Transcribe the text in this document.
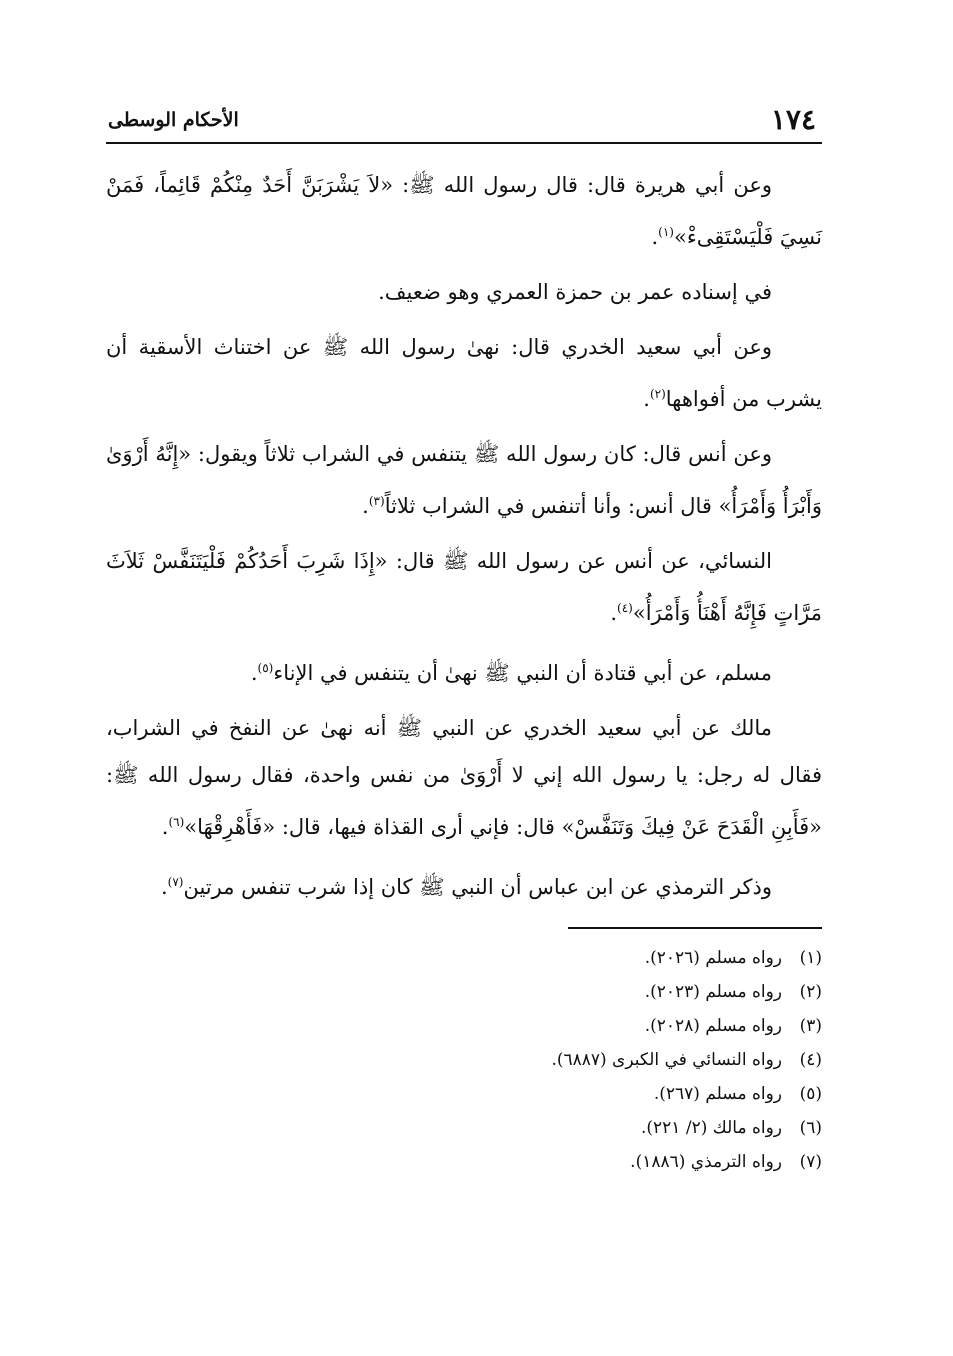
١٧٤
الأحكام الوسطى

وعن أبي هريرة قال: قال رسول الله ﷺ: «لاَ يَشْرَبَنَّ أَحَدٌ مِنْكُمْ قَائِماً، فَمَنْ نَسِيَ فَلْيَسْتَقِىءْ»$^{(١)}$.

في إسناده عمر بن حمزة العمري وهو ضعيف.

وعن أبي سعيد الخدري قال: نهىٰ رسول الله ﷺ عن اختناث الأسقية أن يشرب من أفواهها$^{(٢)}$.

وعن أنس قال: كان رسول الله ﷺ يتنفس في الشراب ثلاثاً ويقول: «إِنَّهُ أَرْوَىٰ وَأَبْرَأُ وَأَمْرَأُ» قال أنس: وأنا أتنفس في الشراب ثلاثاً$^{(٣)}$.

النسائي، عن أنس عن رسول الله ﷺ قال: «إِذَا شَرِبَ أَحَدُكُمْ فَلْيَتَنَفَّسْ ثَلاَثَ مَرَّاتٍ فَإِنَّهُ أَهْنَأُ وَأَمْرَأُ»$^{(٤)}$.

مسلم، عن أبي قتادة أن النبي ﷺ نهىٰ أن يتنفس في الإناء$^{(٥)}$.

مالك عن أبي سعيد الخدري عن النبي ﷺ أنه نهىٰ عن النفخ في الشراب، فقال له رجل: يا رسول الله إني لا أَرْوَىٰ من نفس واحدة، فقال رسول الله ﷺ: «فَأَبِنِ الْقَدَحَ عَنْ فِيكَ وَتَنَفَّسْ» قال: فإني أرى القذاة فيها، قال: «فَأَهْرِقْهَا»$^{(٦)}$.

وذكر الترمذي عن ابن عباس أن النبي ﷺ كان إذا شرب تنفس مرتين$^{(٧)}$.

(١)
رواه مسلم (٢٠٢٦).
(٢)
رواه مسلم (٢٠٢٣).
(٣)
رواه مسلم (٢٠٢٨).
(٤)
رواه النسائي في الكبرى (٦٨٨٧).
(٥)
رواه مسلم (٢٦٧).
(٦)
رواه مالك (٢/ ٢٢١).
(٧)
رواه الترمذي (١٨٨٦).
